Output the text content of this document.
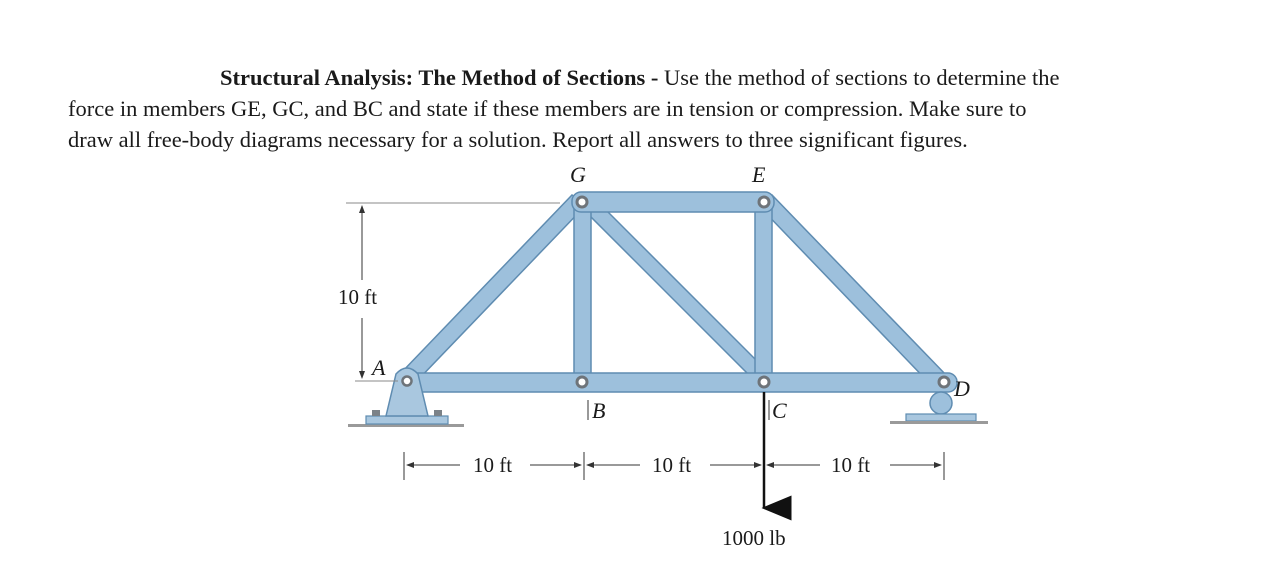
Structural Analysis: The Method of Sections - Use the method of sections to determine the
force in members GE, GC, and BC and state if these members are in tension or compression. Make sure to
draw all free-body diagrams necessary for a solution. Report all answers to three significant figures.
10 ft
10 ft	10 ft	10 ft
1000 lb
G	E
A
D
B	C
